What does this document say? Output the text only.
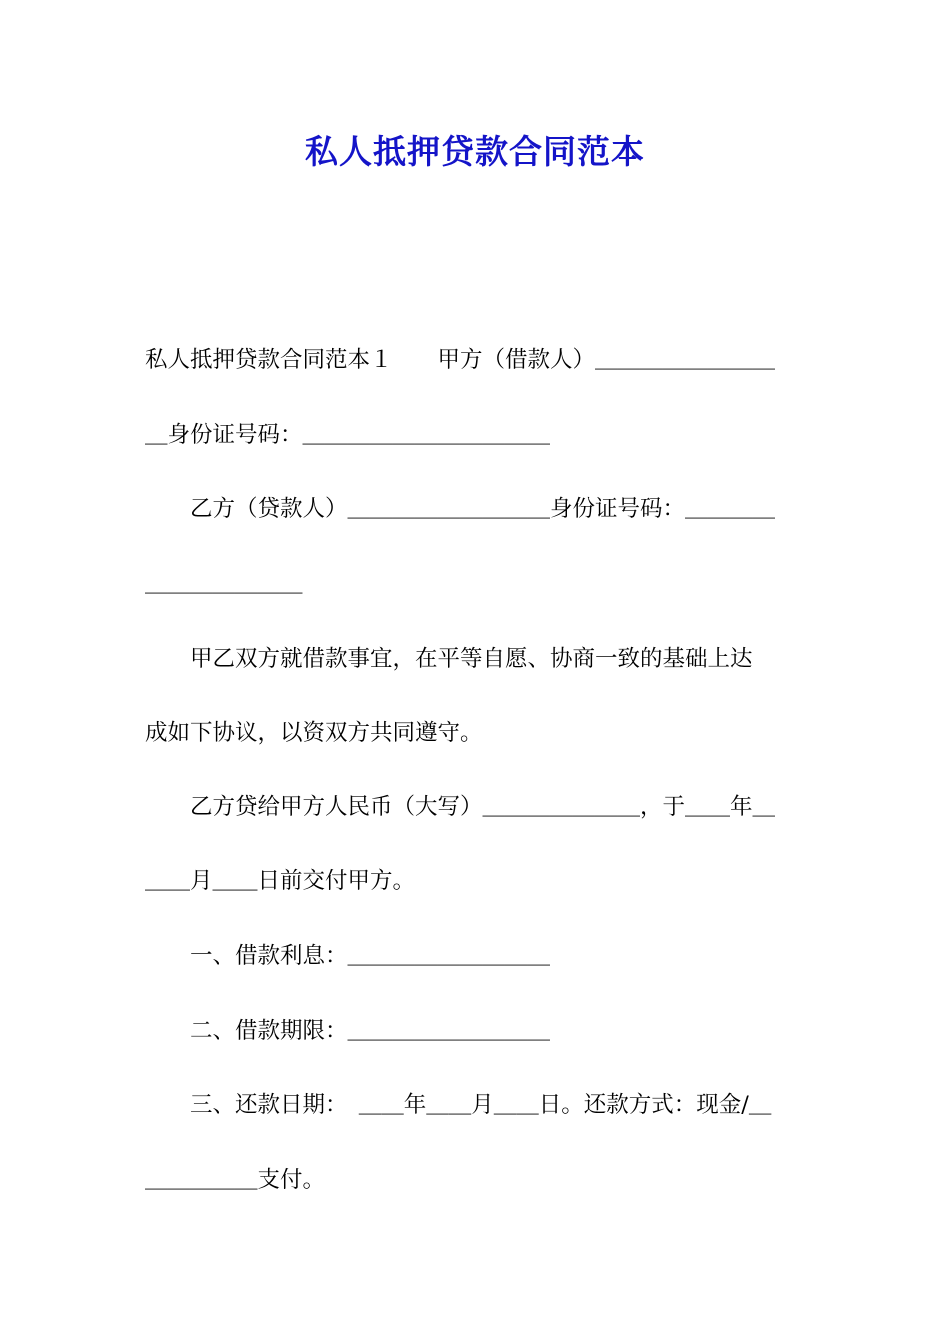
私人抵押贷款合同范本
私人抵押贷款合同范本１　　甲方（借款人）＿＿＿＿＿＿＿＿
＿身份证号码：＿＿＿＿＿＿＿＿＿＿＿
　　乙方（贷款人）＿＿＿＿＿＿＿＿＿身份证号码：＿＿＿＿
＿＿＿＿＿＿＿
　　甲乙双方就借款事宜，在平等自愿、协商一致的基础上达
成如下协议，以资双方共同遵守。
　　乙方贷给甲方人民币（大写）＿＿＿＿＿＿＿，于＿＿年＿
＿＿月＿＿日前交付甲方。
　　一、借款利息：＿＿＿＿＿＿＿＿＿
　　二、借款期限：＿＿＿＿＿＿＿＿＿
　　三、还款日期：　＿＿年＿＿月＿＿日。还款方式：现金/＿
＿＿＿＿＿支付。
